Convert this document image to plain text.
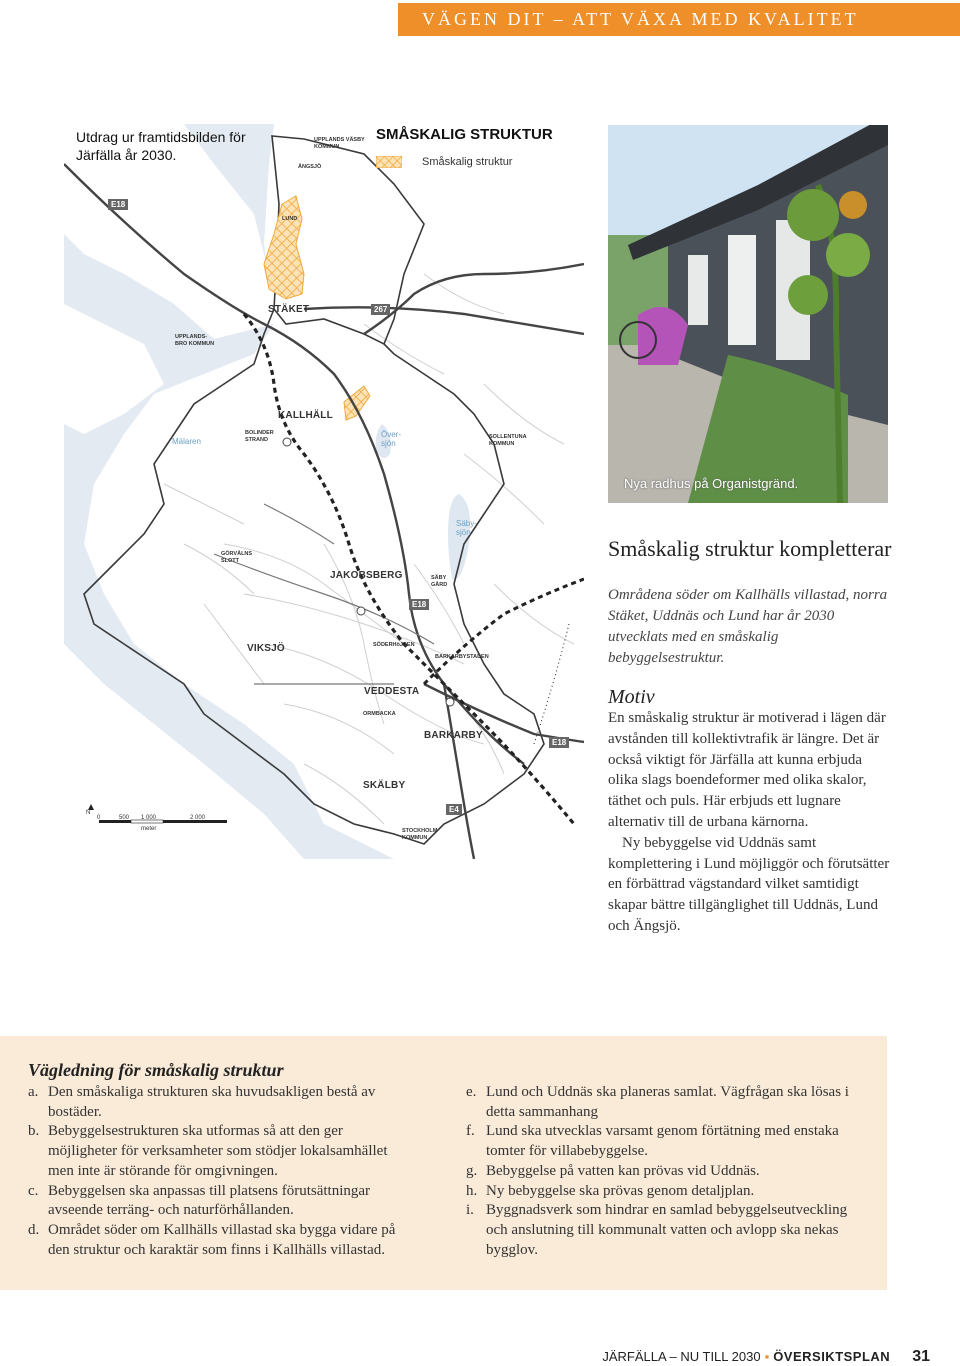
VÄGEN DIT – ATT VÄXA MED KVALITET
Utdrag ur framtidsbilden för Järfälla år 2030.
SMÅSKALIG STRUKTUR
Småskalig struktur
STÄKET
KALLHÄLL
JAKOBSBERG
VIKSJÖ
VEDDESTA
BARKARBY
SKÄLBY
UPPLANDS VÄSBY KOMMUN
ÄNGSJÖ
LUND
UPPLANDS-BRO KOMMUN
BOLINDER STRAND	SOLLENTUNA KOMMUN
GÖRVÄLNS SLOTT
SÄBY GÅRD
SÖDERHöJDEN
BARKARBYSTADEN
ORMBACKA
STOCKHOLM KOMMUN
Mälaren
Över-sjön
Säby-sjön
E18
267
E18
E18
E4
N
0	500 1 000	2 000
meter
Nya radhus på Organistgränd.
Småskalig struktur kompletterar

Områdena söder om Kallhälls villastad, norra Stäket, Uddnäs och Lund har år 2030 utvecklats med en småskalig bebyggelsestruktur.

Motiv

En småskalig struktur är motiverad i lägen där avstånden till kollektivtrafik är längre. Det är också viktigt för Järfälla att kunna erbjuda olika slags boendeformer med olika skalor, täthet och puls. Här erbjuds ett lugnare alternativ till de urbana kärnorna.

Ny bebyggelse vid Uddnäs samt komplettering i Lund möjliggör och förutsätter en förbättrad vägstandard vilket samtidigt skapar bättre tillgänglighet till Uddnäs, Lund och Ängsjö.

Vägledning för småskalig struktur
a. Den småskaliga strukturen ska huvudsakligen bestå av bostäder.
b. Bebyggelsestrukturen ska utformas så att den ger möjligheter för verksamheter som stödjer lokalsamhället men inte är störande för omgivningen.
c. Bebyggelsen ska anpassas till platsens förutsättningar avseende terräng- och naturförhållanden.
d. Området söder om Kallhälls villastad ska bygga vidare på den struktur och karaktär som finns i Kallhälls villastad.
e. Lund och Uddnäs ska planeras samlat. Vägfrågan ska lösas i detta sammanhang
f. Lund ska utvecklas varsamt genom förtätning med enstaka tomter för villabebyggelse.
g. Bebyggelse på vatten kan prövas vid Uddnäs.
h. Ny bebyggelse ska prövas genom detaljplan.
i. Byggnadsverk som hindrar en samlad bebyggelseutveckling och anslutning till kommunalt vatten och avlopp ska nekas bygglov.
JÄRFÄLLA – NU TILL 2030 ▪ ÖVERSIKTSPLAN 31
